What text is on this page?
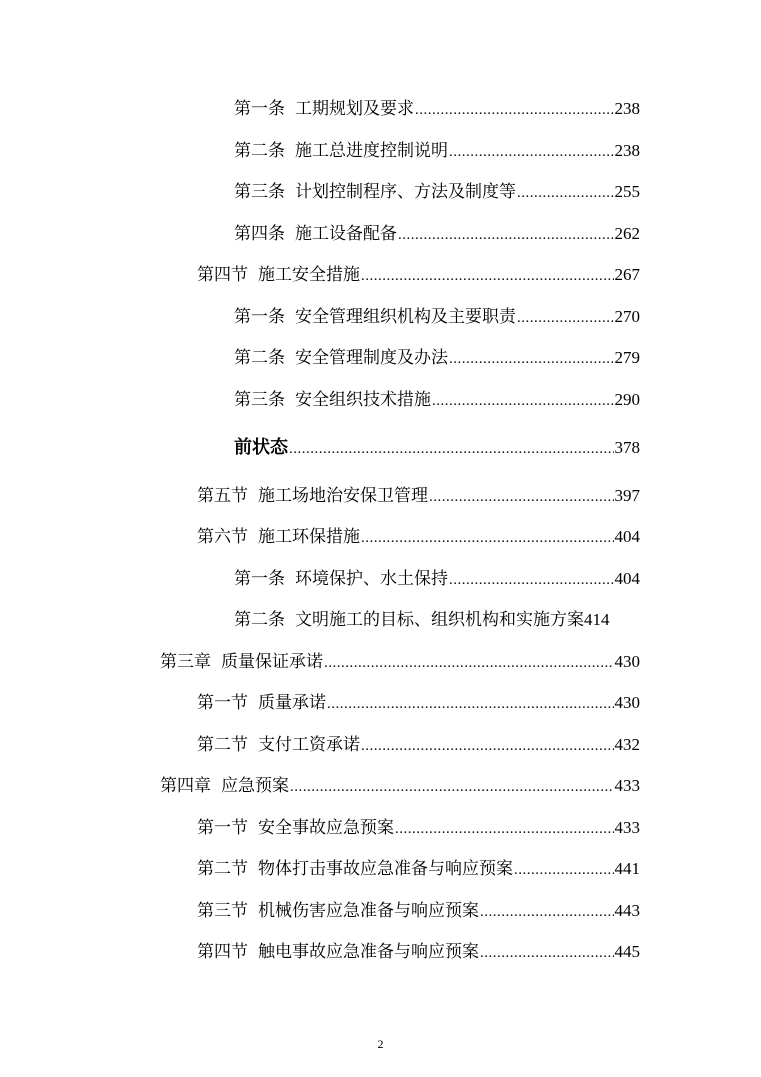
第一条 工期规划及要求 .....	238
第二条 施工总进度控制说明 .....	238
第三条 计划控制程序、方法及制度等 .....	255
第四条 施工设备配备 .....	262
第四节 施工安全措施 .....	267
第一条 安全管理组织机构及主要职责 .....	270
第二条 安全管理制度及办法 .....	279
第三条 安全组织技术措施 .....	290
前状态 .....	378
第五节 施工场地治安保卫管理 .....	397
第六节 施工环保措施 .....	404
第一条 环境保护、水土保持 .....	404
第二条 文明施工的目标、组织机构和实施方案 414
第三章 质量保证承诺 .....	430
第一节 质量承诺 .....	430
第二节 支付工资承诺 .....	432
第四章 应急预案 .....	433
第一节 安全事故应急预案 .....	433
第二节 物体打击事故应急准备与响应预案 .....	441
第三节 机械伤害应急准备与响应预案 .....	443
第四节 触电事故应急准备与响应预案 .....	445
2
